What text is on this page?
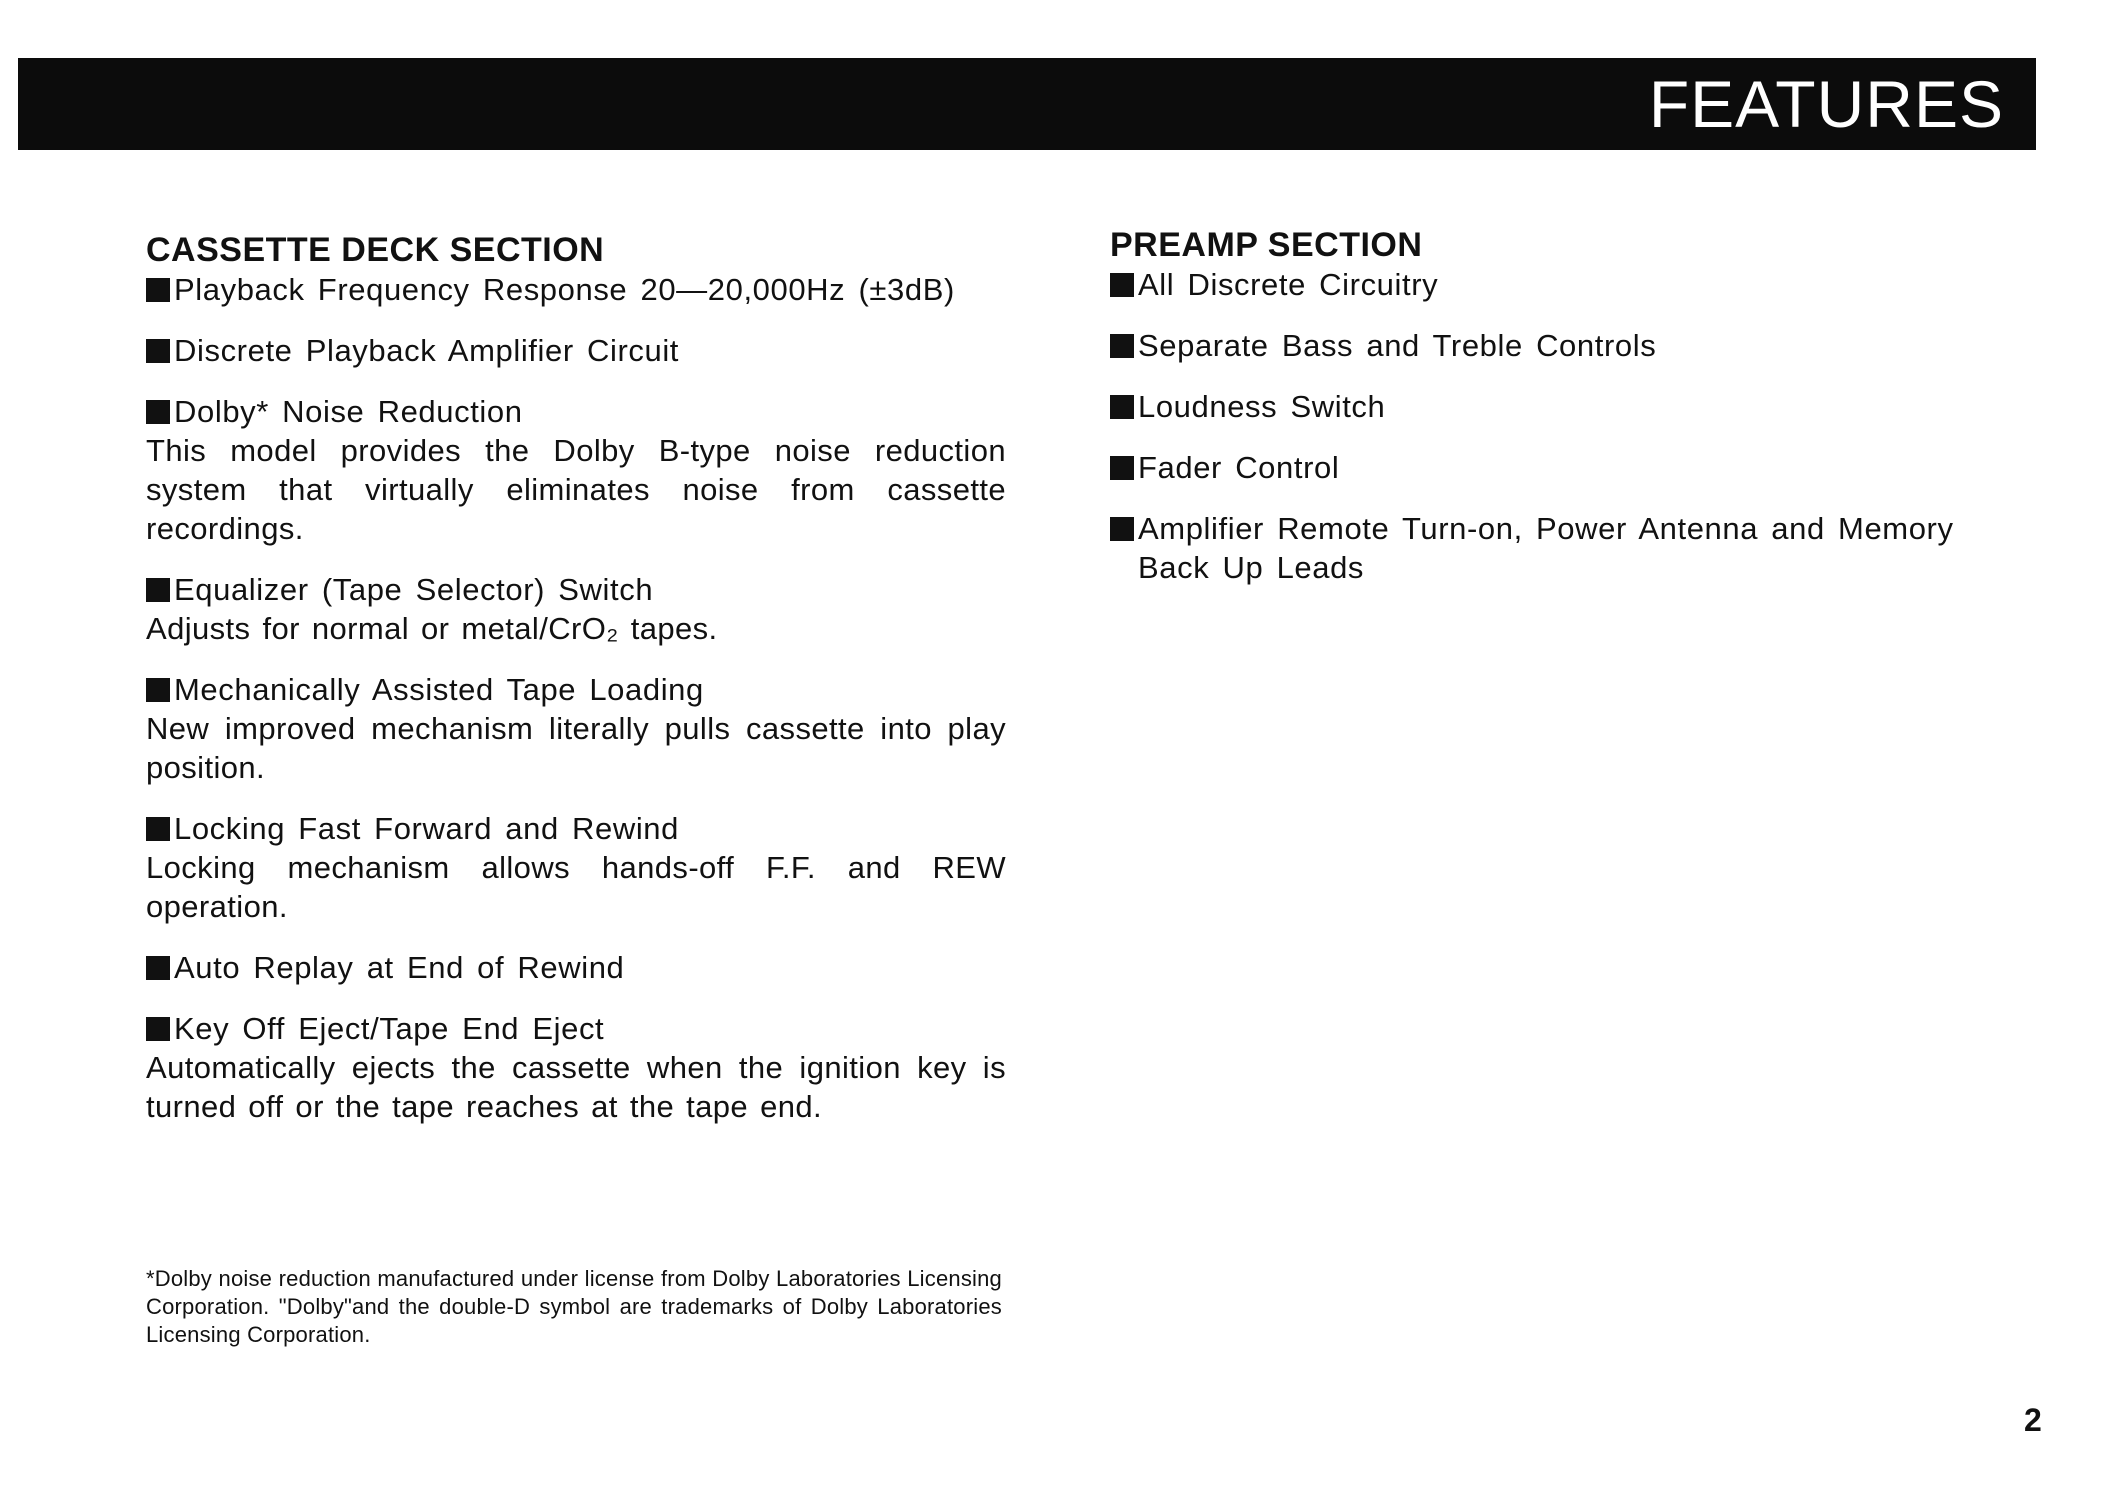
FEATURES
CASSETTE DECK SECTION
Playback Frequency Response 20—20,000Hz (±3dB)
Discrete Playback Amplifier Circuit
Dolby* Noise Reduction
This model provides the Dolby B-type noise reduction system that virtually eliminates noise from cassette recordings.
Equalizer (Tape Selector) Switch
Adjusts for normal or metal/CrO₂ tapes.
Mechanically Assisted Tape Loading
New improved mechanism literally pulls cassette into play position.
Locking Fast Forward and Rewind
Locking mechanism allows hands-off F.F. and REW operation.
Auto Replay at End of Rewind
Key Off Eject/Tape End Eject
Automatically ejects the cassette when the ignition key is turned off or the tape reaches at the tape end.
PREAMP SECTION
All Discrete Circuitry
Separate Bass and Treble Controls
Loudness Switch
Fader Control
Amplifier Remote Turn-on, Power Antenna and Memory Back Up Leads
*Dolby noise reduction manufactured under license from Dolby Laboratories Licensing Corporation. "Dolby"and the double-D symbol are trademarks of Dolby Laboratories Licensing Corporation.
2
